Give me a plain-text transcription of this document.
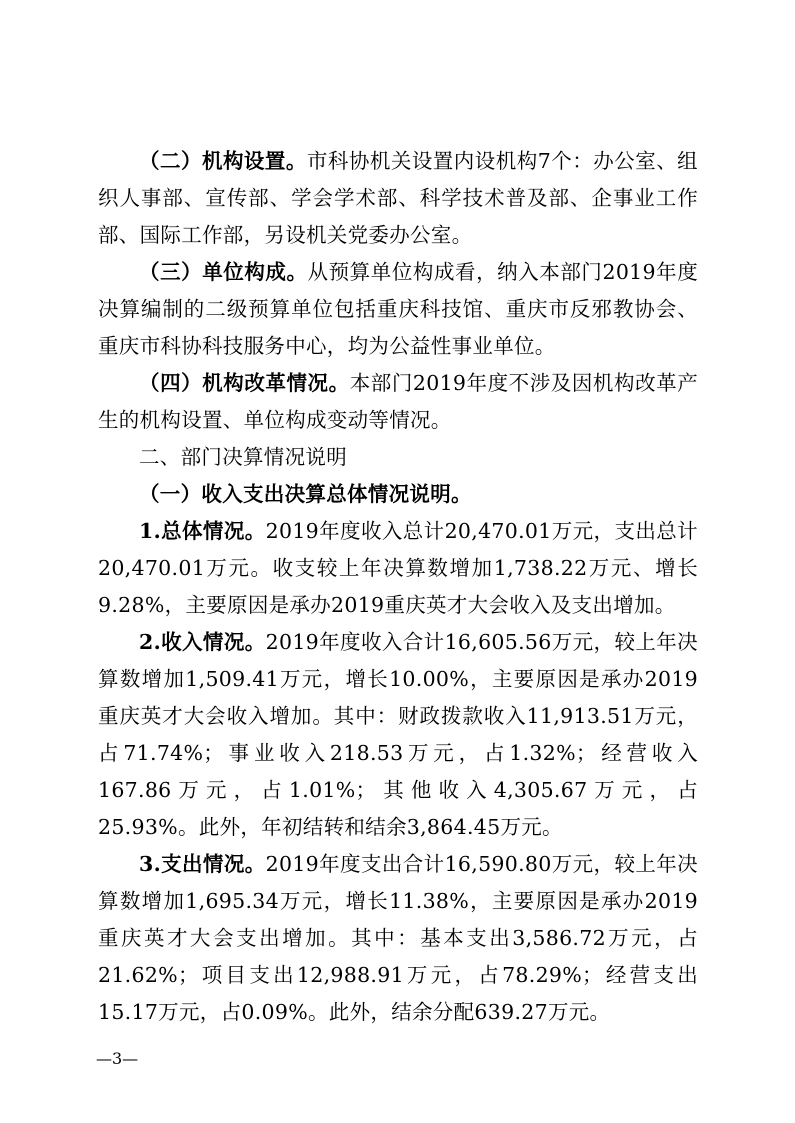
（二）机构设置。市科协机关设置内设机构7个：办公室、组织人事部、宣传部、学会学术部、科学技术普及部、企事业工作部、国际工作部，另设机关党委办公室。

（三）单位构成。从预算单位构成看，纳入本部门2019年度决算编制的二级预算单位包括重庆科技馆、重庆市反邪教协会、重庆市科协科技服务中心，均为公益性事业单位。

（四）机构改革情况。本部门2019年度不涉及因机构改革产生的机构设置、单位构成变动等情况。

二、部门决算情况说明

（一）收入支出决算总体情况说明。

1.总体情况。2019年度收入总计20,470.01万元，支出总计20,470.01万元。收支较上年决算数增加1,738.22万元、增长9.28%，主要原因是承办2019重庆英才大会收入及支出增加。

2.收入情况。2019年度收入合计16,605.56万元，较上年决算数增加1,509.41万元，增长10.00%，主要原因是承办2019重庆英才大会收入增加。其中：财政拨款收入11,913.51万元，占71.74%；事业收入218.53万元，占1.32%；经营收入167.86万元，占1.01%；其他收入4,305.67万元，占25.93%。此外，年初结转和结余3,864.45万元。

3.支出情况。2019年度支出合计16,590.80万元，较上年决算数增加1,695.34万元，增长11.38%，主要原因是承办2019重庆英才大会支出增加。其中：基本支出3,586.72万元，占21.62%；项目支出12,988.91万元，占78.29%；经营支出15.17万元，占0.09%。此外，结余分配639.27万元。

—3—
